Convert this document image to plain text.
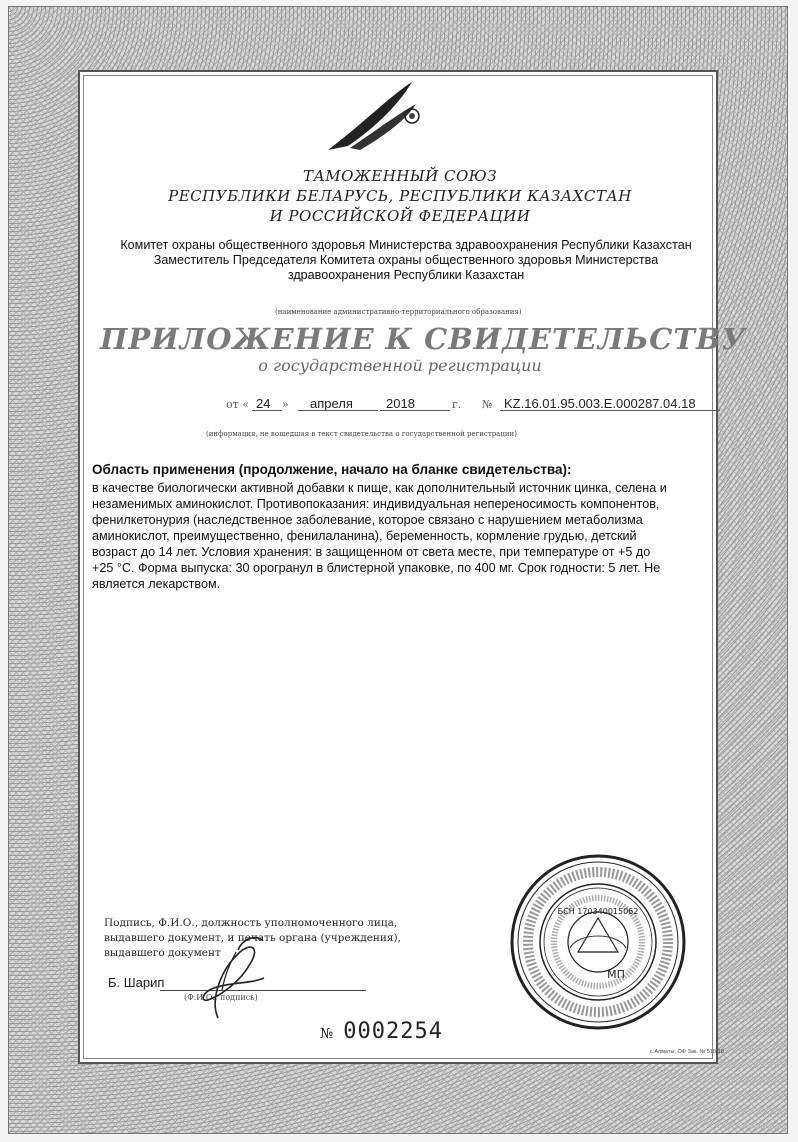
ТАМОЖЕННЫЙ СОЮЗ
РЕСПУБЛИКИ БЕЛАРУСЬ, РЕСПУБЛИКИ КАЗАХСТАН
И РОССИЙСКОЙ ФЕДЕРАЦИИ
Комитет охраны общественного здоровья Министерства здравоохранения Республики Казахстан
Заместитель Председателя Комитета охраны общественного здоровья Министерства
здравоохранения Республики Казахстан
(наименование административно-территориального образования)
ПРИЛОЖЕНИЕ К СВИДЕТЕЛЬСТВУ
о государственной регистрации
от « 24 » апреля	2018	г. № KZ.16.01.95.003.Е.000287.04.18
(информация, не вошедшая в текст свидетельства о государственной регистрации)
Область применения (продолжение, начало на бланке свидетельства):
в качестве биологически активной добавки к пище, как дополнительный источник цинка, селена и
незаменимых аминокислот. Противопоказания: индивидуальная непереносимость компонентов,
фенилкетонурия (наследственное заболевание, которое связано с нарушением метаболизма
аминокислот, преимущественно, фенилаланина), беременность, кормление грудью, детский
возраст до 14 лет. Условия хранения: в защищенном от света месте, при температуре от +5 до
+25 °С. Форма выпуска: 30 орогранул в блистерной упаковке, по 400 мг. Срок годности: 5 лет. Не
является лекарством.
Подпись, Ф.И.О., должность уполномоченного лица,
выдавшего документ, и печать органа (учреждения),
выдавшего документ
Б. Шарип
(Ф.И.О., подпись)
БСН 170340015062
МП
№ 0002254
г. Алматы, ОФ Зак. № 518-18
